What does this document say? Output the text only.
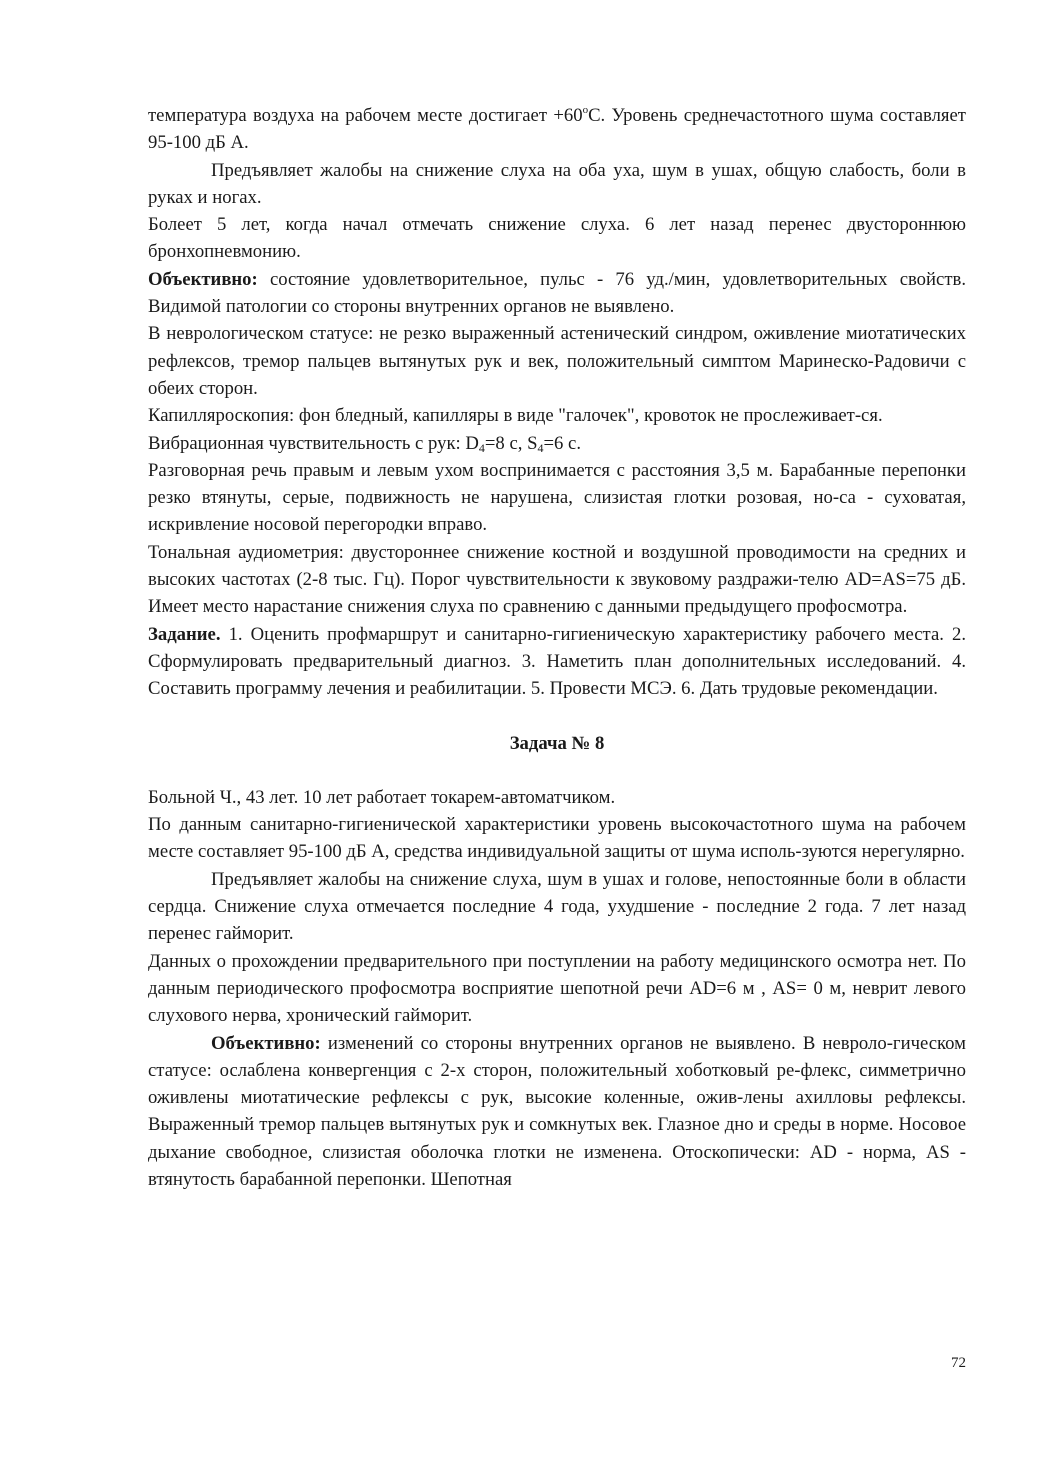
температура воздуха на рабочем месте достигает $+60^оС$. Уровень среднечастотного шума составляет 95-100 дБ А.

Предъявляет жалобы на снижение слуха на оба уха, шум в ушах, общую слабость, боли в руках и ногах.

Болеет 5 лет, когда начал отмечать снижение слуха. 6 лет назад перенес двустороннюю бронхопневмонию.

Объективно: состояние удовлетворительное, пульс - 76 уд./мин, удовлетворительных свойств. Видимой патологии со стороны внутренних органов не выявлено.

В неврологическом статусе: не резко выраженный астенический синдром, оживление миотатических рефлексов, тремор пальцев вытянутых рук и век, положительный симптом Маринеско-Радовичи с обеих сторон.

Капилляроскопия: фон бледный, капилляры в виде "галочек", кровоток не прослеживает-ся.

Вибрационная чувствительность с рук: $D_4=8$ с, $S_4=6$ с.

Разговорная речь правым и левым ухом воспринимается с расстояния 3,5 м. Барабанные перепонки резко втянуты, серые, подвижность не нарушена, слизистая глотки розовая, но-са - суховатая, искривление носовой перегородки вправо.

Тональная аудиометрия: двустороннее снижение костной и воздушной проводимости на средних и высоких частотах (2-8 тыс. Гц). Порог чувствительности к звуковому раздражи-телю AD=AS=75 дБ. Имеет место нарастание снижения слуха по сравнению с данными предыдущего профосмотра.

Задание. 1. Оценить профмаршрут и санитарно-гигиеническую характеристику рабочего места. 2. Сформулировать предварительный диагноз. 3. Наметить план дополнительных исследований. 4. Составить программу лечения и реабилитации. 5. Провести МСЭ. 6. Дать трудовые рекомендации.

Задача № 8

Больной Ч., 43 лет. 10 лет работает токарем-автоматчиком.

По данным санитарно-гигиенической характеристики уровень высокочастотного шума на рабочем месте составляет 95-100 дБ А, средства индивидуальной защиты от шума исполь-зуются нерегулярно.

Предъявляет жалобы на снижение слуха, шум в ушах и голове, непостоянные боли в области сердца. Снижение слуха отмечается последние 4 года, ухудшение - последние 2 года. 7 лет назад перенес гайморит.

Данных о прохождении предварительного при поступлении на работу медицинского осмотра нет. По данным периодического профосмотра восприятие шепотной речи AD=6 м , AS= 0 м, неврит левого слухового нерва, хронический гайморит.

Объективно: изменений со стороны внутренних органов не выявлено. В невроло-гическом статусе: ослаблена конвергенция с 2-х сторон, положительный хоботковый ре-флекс, симметрично оживлены миотатические рефлексы с рук, высокие коленные, ожив-лены ахилловы рефлексы. Выраженный тремор пальцев вытянутых рук и сомкнутых век. Глазное дно и среды в норме. Носовое дыхание свободное, слизистая оболочка глотки не изменена. Отоскопически: AD - норма, AS - втянутость барабанной перепонки. Шепотная

72
